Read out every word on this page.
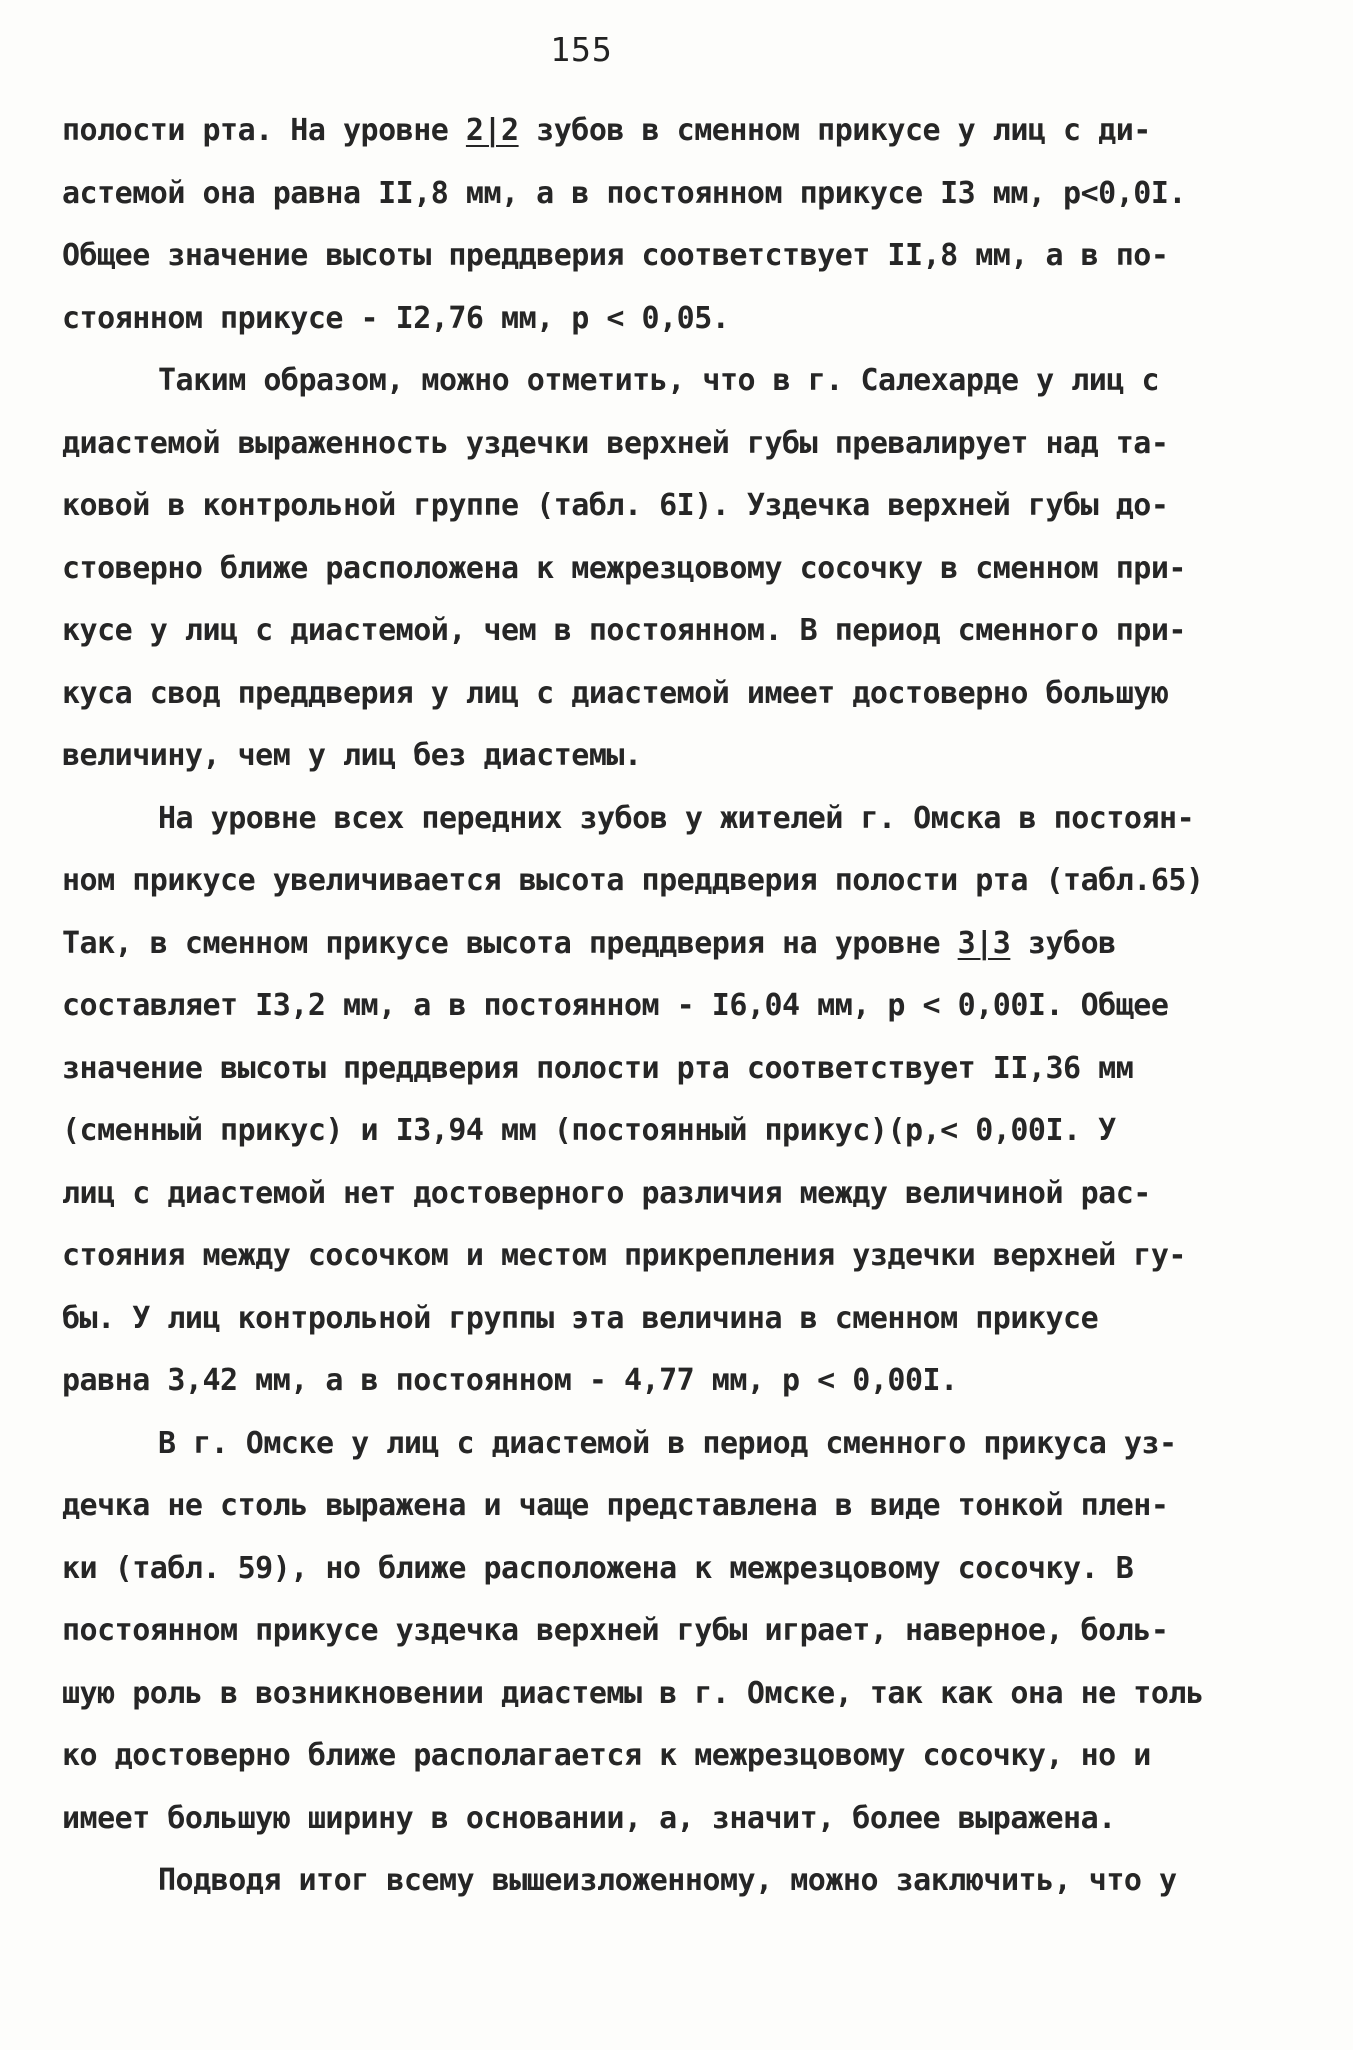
155
полости рта. На уровне 2|2 зубов в сменном прикусе у лиц с ди-
астемой она равна II,8 мм, а в постоянном прикусе I3 мм, р<0,0I.
Общее значение высоты преддверия соответствует II,8 мм, а в по-
стоянном прикусе - I2,76 мм, р < 0,05.
Таким образом, можно отметить, что в г. Салехарде у лиц с
диастемой выраженность уздечки верхней губы превалирует над та-
ковой в контрольной группе (табл. 6I). Уздечка верхней губы до-
стоверно ближе расположена к межрезцовому сосочку в сменном при-
кусе у лиц с диастемой, чем в постоянном. В период сменного при-
куса свод преддверия у лиц с диастемой имеет достоверно большую
величину, чем у лиц без диастемы.
На уровне всех передних зубов у жителей г. Омска в постоян-
ном прикусе увеличивается высота преддверия полости рта (табл.65)
Так, в сменном прикусе высота преддверия на уровне 3|3 зубов
составляет I3,2 мм, а в постоянном - I6,04 мм, р < 0,00I. Общее
значение высоты преддверия полости рта соответствует II,36 мм
(сменный прикус) и I3,94 мм (постоянный прикус)(р,< 0,00I. У
лиц с диастемой нет достоверного различия между величиной рас-
стояния между сосочком и местом прикрепления уздечки верхней гу-
бы. У лиц контрольной группы эта величина в сменном прикусе
равна 3,42 мм, а в постоянном - 4,77 мм, р < 0,00I.
В г. Омске у лиц с диастемой в период сменного прикуса уз-
дечка не столь выражена и чаще представлена в виде тонкой плен-
ки (табл. 59), но ближе расположена к межрезцовому сосочку. В
постоянном прикусе уздечка верхней губы играет, наверное, боль-
шую роль в возникновении диастемы в г. Омске, так как она не толь
ко достоверно ближе располагается к межрезцовому сосочку, но и
имеет большую ширину в основании, а, значит, более выражена.
Подводя итог всему вышеизложенному, можно заключить, что у
